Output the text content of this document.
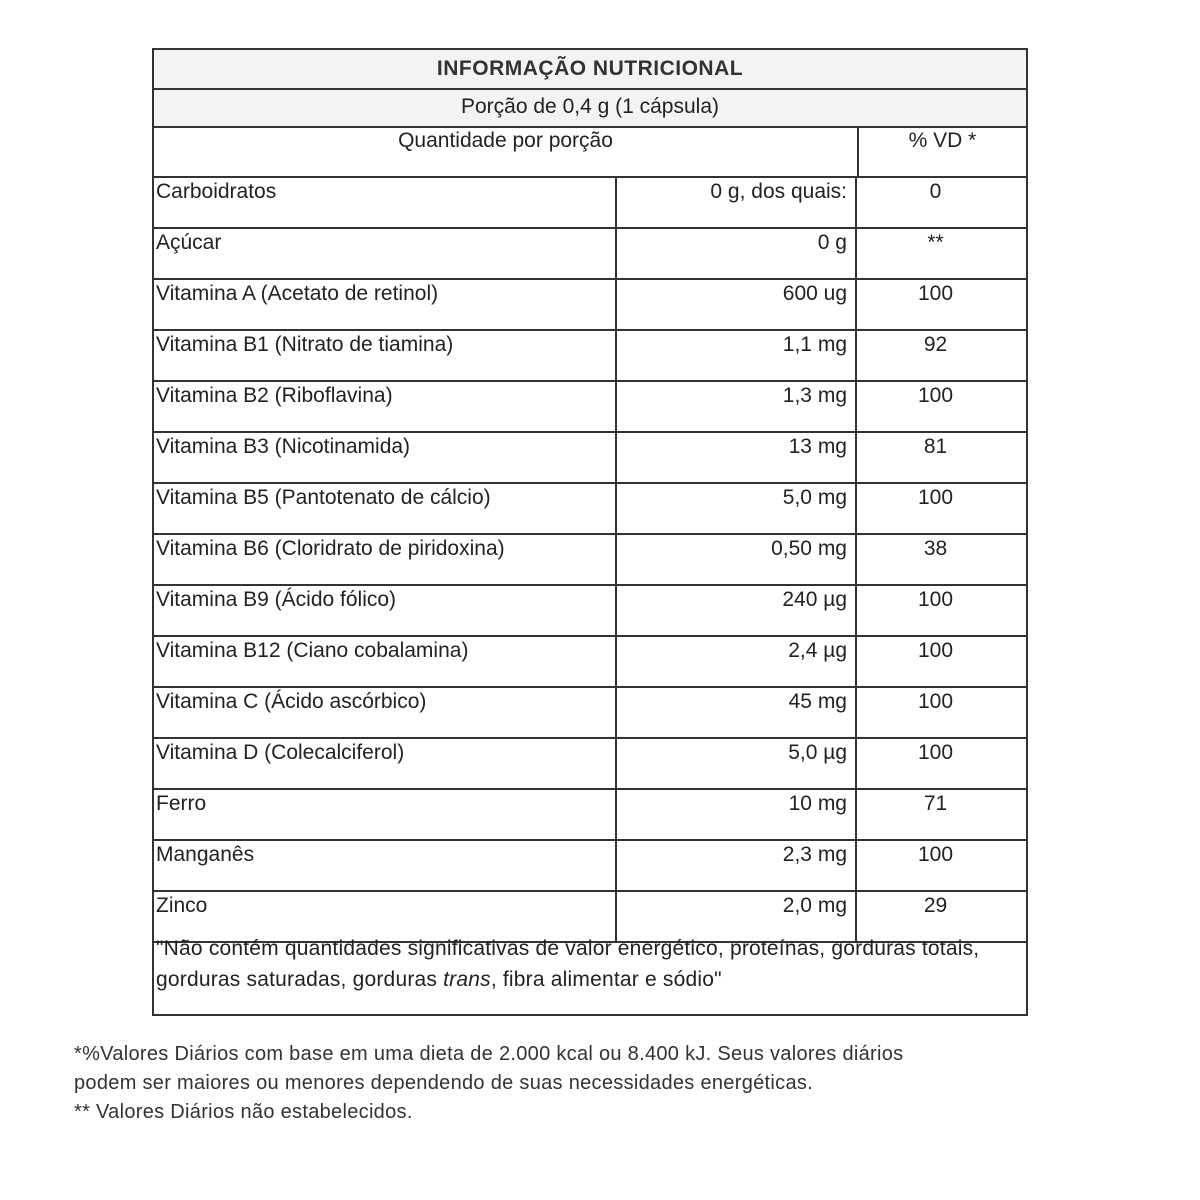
INFORMAÇÃO NUTRICIONAL
Porção de 0,4 g (1 cápsula)
Quantidade por porção	% VD *
Carboidratos	0 g, dos quais:	0
Açúcar	0 g	**
Vitamina A (Acetato de retinol)	600 ug	100
Vitamina B1 (Nitrato de tiamina)	1,1 mg	92
Vitamina B2 (Riboflavina)	1,3 mg	100
Vitamina B3 (Nicotinamida)	13 mg	81
Vitamina B5 (Pantotenato de cálcio)	5,0 mg	100
Vitamina B6 (Cloridrato de piridoxina)	0,50 mg	38
Vitamina B9 (Ácido fólico)	240 µg	100
Vitamina B12 (Ciano cobalamina)	2,4 µg	100
Vitamina C (Ácido ascórbico)	45 mg	100
Vitamina D (Colecalciferol)	5,0 µg	100
Ferro	10 mg	71
Manganês	2,3 mg	100
Zinco	2,0 mg	29
"Não contém quantidades significativas de valor energético, proteínas, gorduras totais, gorduras saturadas, gorduras trans, fibra alimentar e sódio"
*%Valores Diários com base em uma dieta de 2.000 kcal ou 8.400 kJ. Seus valores diários
podem ser maiores ou menores dependendo de suas necessidades energéticas.
** Valores Diários não estabelecidos.
